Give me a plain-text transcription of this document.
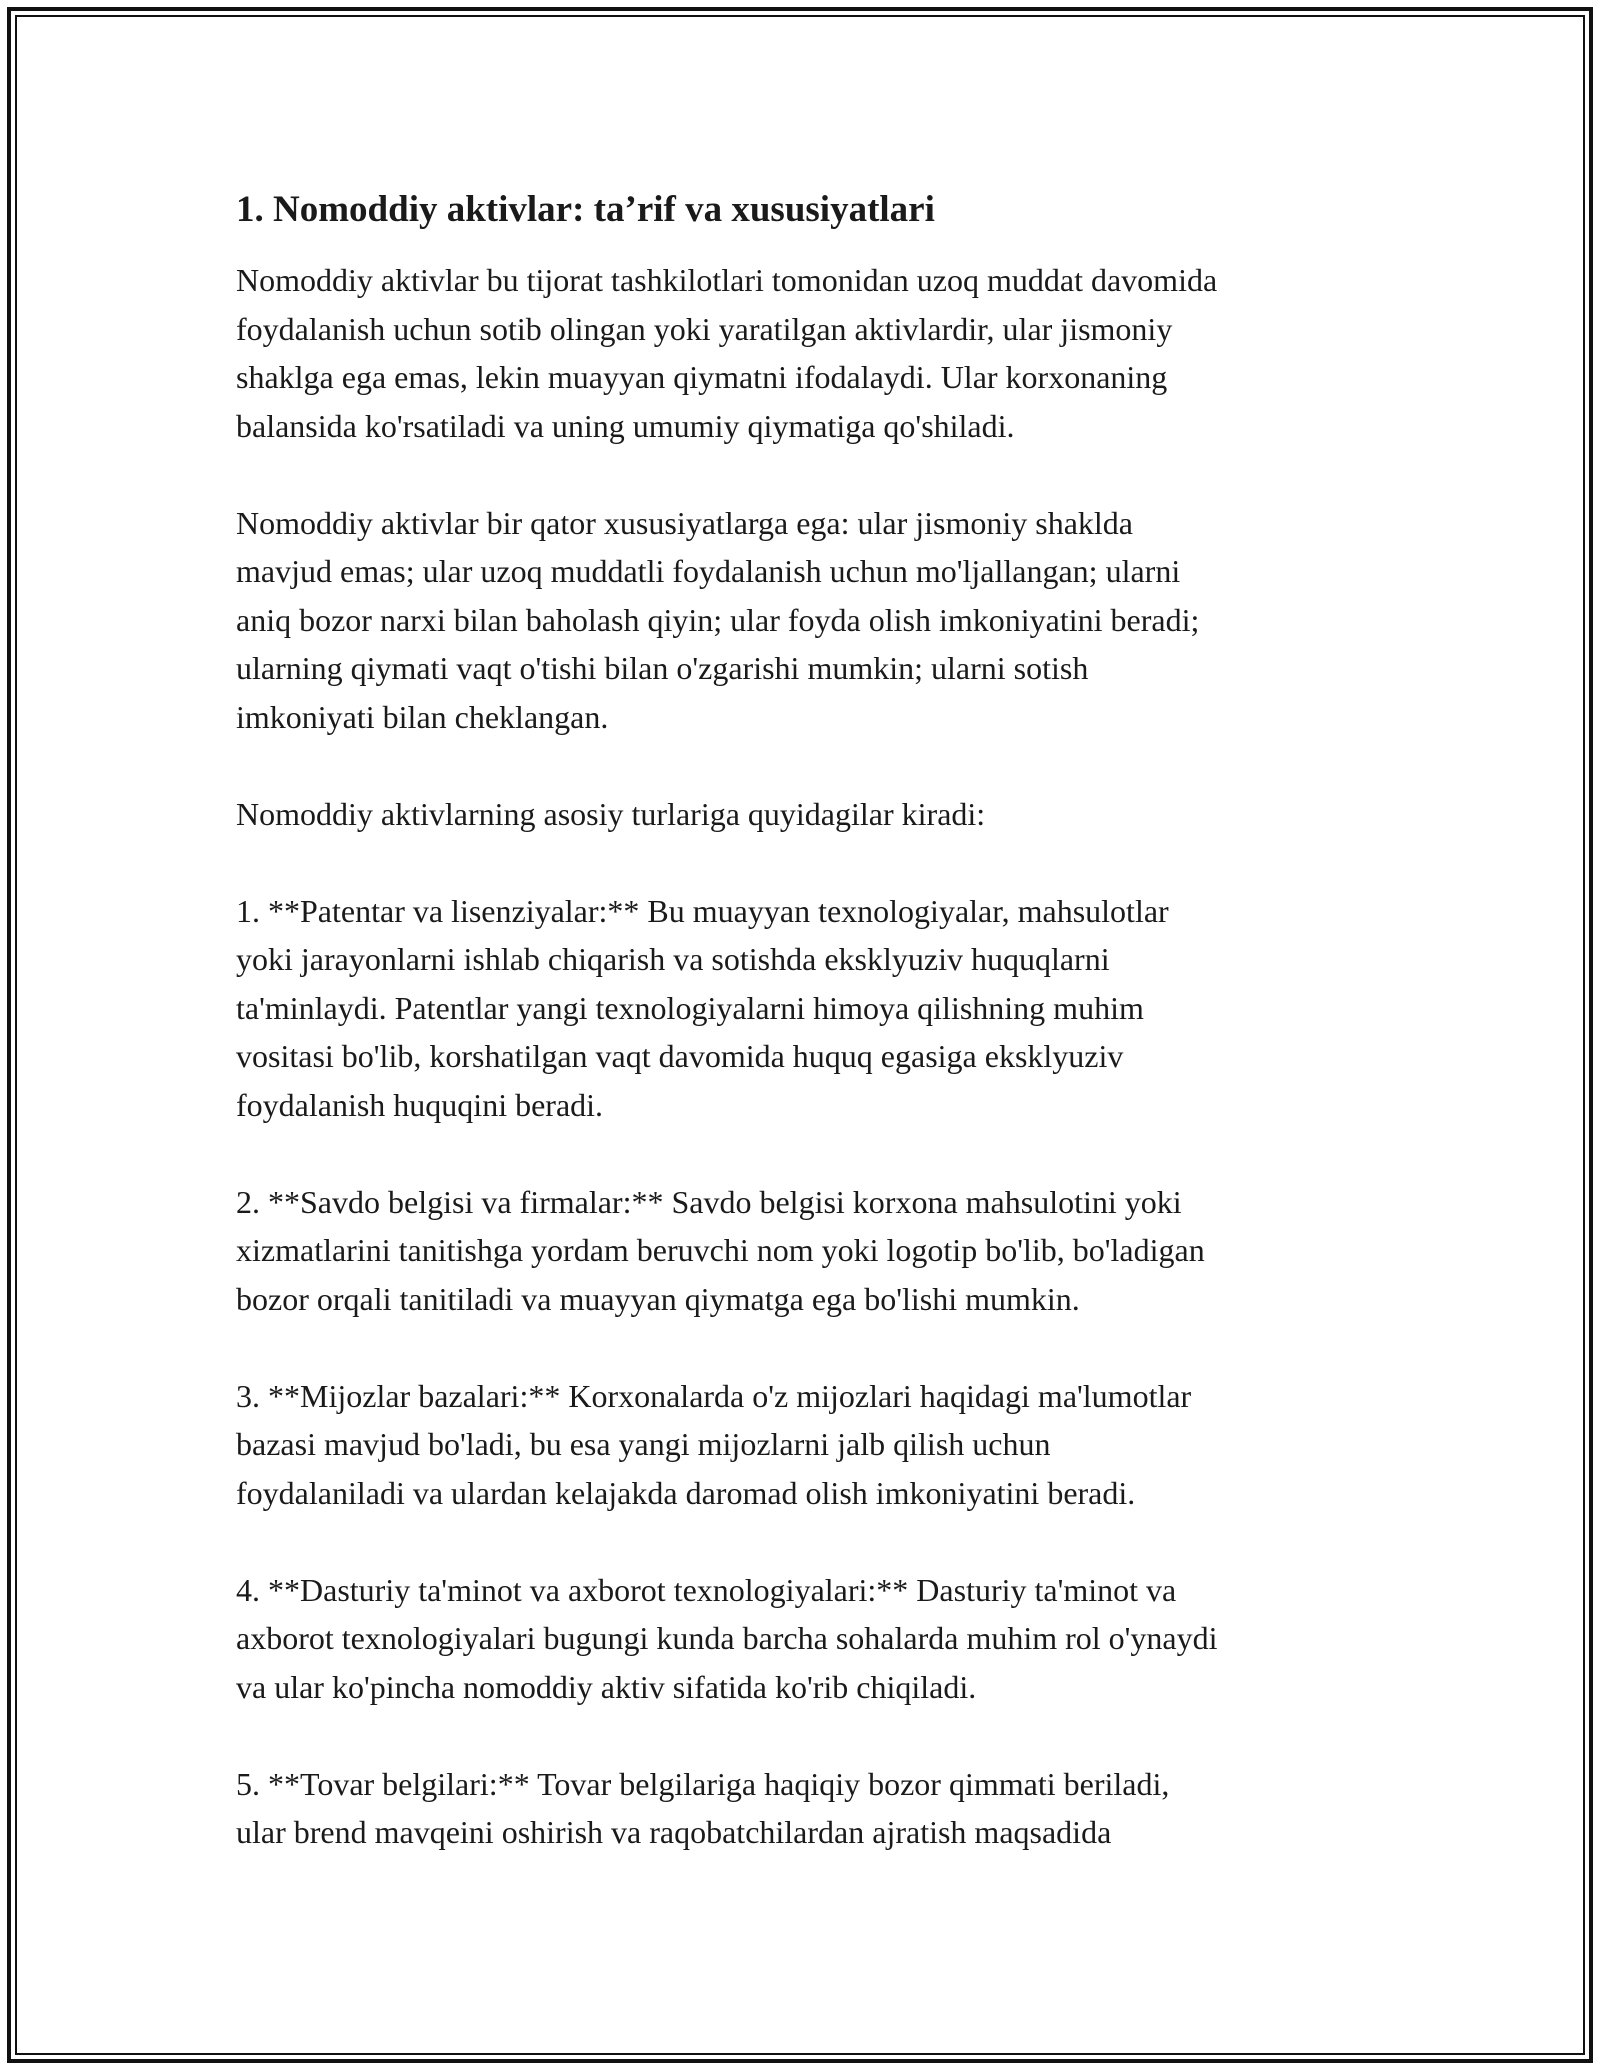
1. Nomoddiy aktivlar: ta’rif va xususiyatlari
Nomoddiy aktivlar bu tijorat tashkilotlari tomonidan uzoq muddat davomida
foydalanish uchun sotib olingan yoki yaratilgan aktivlardir, ular jismoniy
shaklga ega emas, lekin muayyan qiymatni ifodalaydi. Ular korxonaning
balansida ko'rsatiladi va uning umumiy qiymatiga qo'shiladi.
Nomoddiy aktivlar bir qator xususiyatlarga ega: ular jismoniy shaklda
mavjud emas; ular uzoq muddatli foydalanish uchun mo'ljallangan; ularni
aniq bozor narxi bilan baholash qiyin; ular foyda olish imkoniyatini beradi;
ularning qiymati vaqt o'tishi bilan o'zgarishi mumkin; ularni sotish
imkoniyati bilan cheklangan.
Nomoddiy aktivlarning asosiy turlariga quyidagilar kiradi:
1. **Patentar va lisenziyalar:** Bu muayyan texnologiyalar, mahsulotlar
yoki jarayonlarni ishlab chiqarish va sotishda eksklyuziv huquqlarni
ta'minlaydi. Patentlar yangi texnologiyalarni himoya qilishning muhim
vositasi bo'lib, korshatilgan vaqt davomida huquq egasiga eksklyuziv
foydalanish huquqini beradi.
2. **Savdo belgisi va firmalar:** Savdo belgisi korxona mahsulotini yoki
xizmatlarini tanitishga yordam beruvchi nom yoki logotip bo'lib, bo'ladigan
bozor orqali tanitiladi va muayyan qiymatga ega bo'lishi mumkin.
3. **Mijozlar bazalari:** Korxonalarda o'z mijozlari haqidagi ma'lumotlar
bazasi mavjud bo'ladi, bu esa yangi mijozlarni jalb qilish uchun
foydalaniladi va ulardan kelajakda daromad olish imkoniyatini beradi.
4. **Dasturiy ta'minot va axborot texnologiyalari:** Dasturiy ta'minot va
axborot texnologiyalari bugungi kunda barcha sohalarda muhim rol o'ynaydi
va ular ko'pincha nomoddiy aktiv sifatida ko'rib chiqiladi.
5. **Tovar belgilari:** Tovar belgilariga haqiqiy bozor qimmati beriladi,
ular brend mavqeini oshirish va raqobatchilardan ajratish maqsadida
